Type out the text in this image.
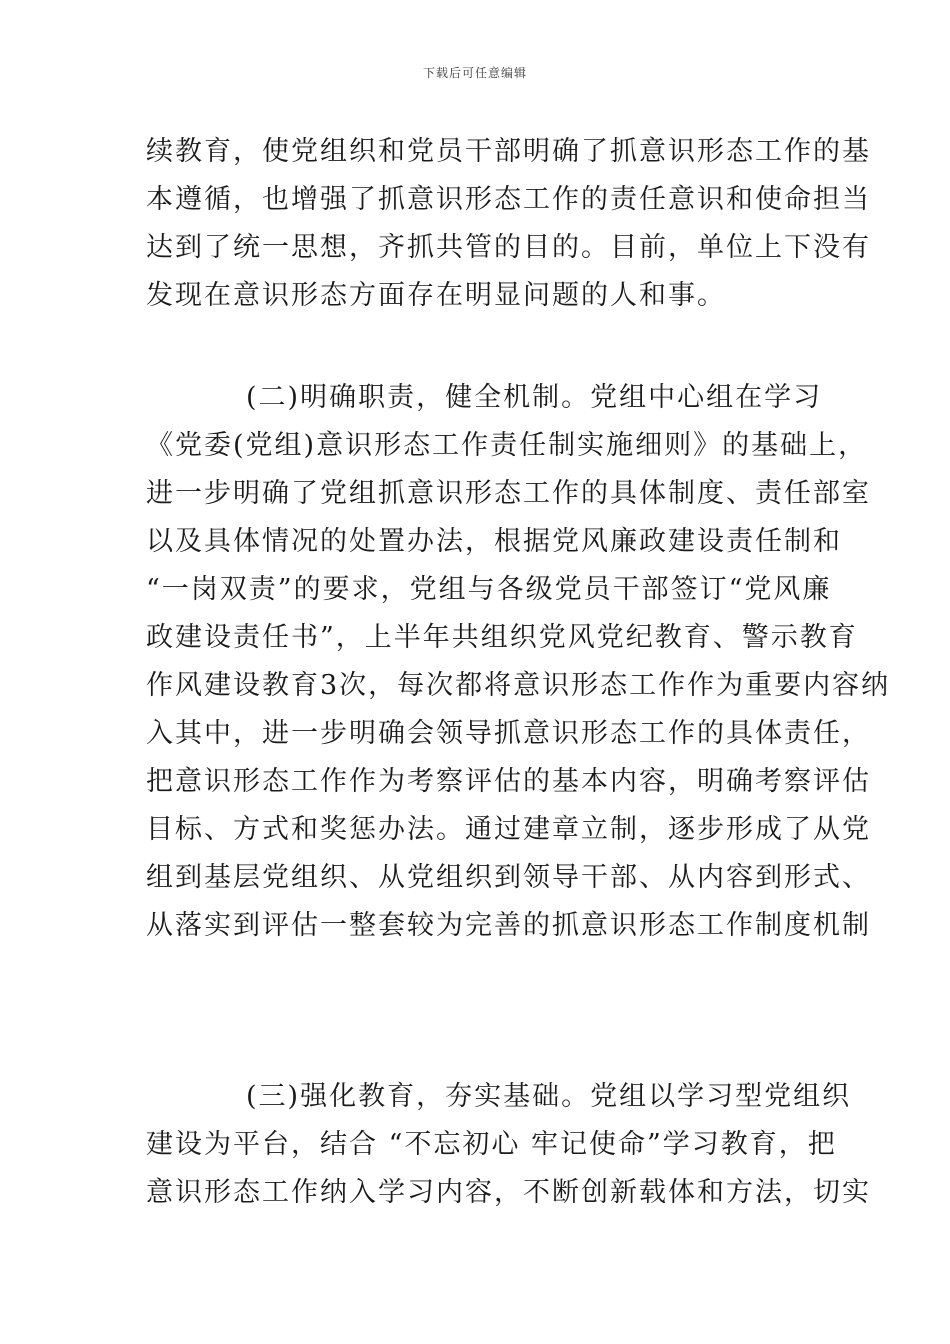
下载后可任意编辑
续教育，使党组织和党员干部明确了抓意识形态工作的基
本遵循，也增强了抓意识形态工作的责任意识和使命担当
达到了统一思想，齐抓共管的目的。目前，单位上下没有
发现在意识形态方面存在明显问题的人和事。
(二)明确职责，健全机制。党组中心组在学习
《党委(党组)意识形态工作责任制实施细则》的基础上，
进一步明确了党组抓意识形态工作的具体制度、责任部室
以及具体情况的处置办法，根据党风廉政建设责任制和
“一岗双责”的要求，党组与各级党员干部签订“党风廉
政建设责任书”，上半年共组织党风党纪教育、警示教育
作风建设教育3次，每次都将意识形态工作作为重要内容纳
入其中，进一步明确会领导抓意识形态工作的具体责任，
把意识形态工作作为考察评估的基本内容，明确考察评估
目标、方式和奖惩办法。通过建章立制，逐步形成了从党
组到基层党组织、从党组织到领导干部、从内容到形式、
从落实到评估一整套较为完善的抓意识形态工作制度机制
(三)强化教育，夯实基础。党组以学习型党组织
建设为平台，结合 “不忘初心 牢记使命”学习教育，把
意识形态工作纳入学习内容，不断创新载体和方法，切实
